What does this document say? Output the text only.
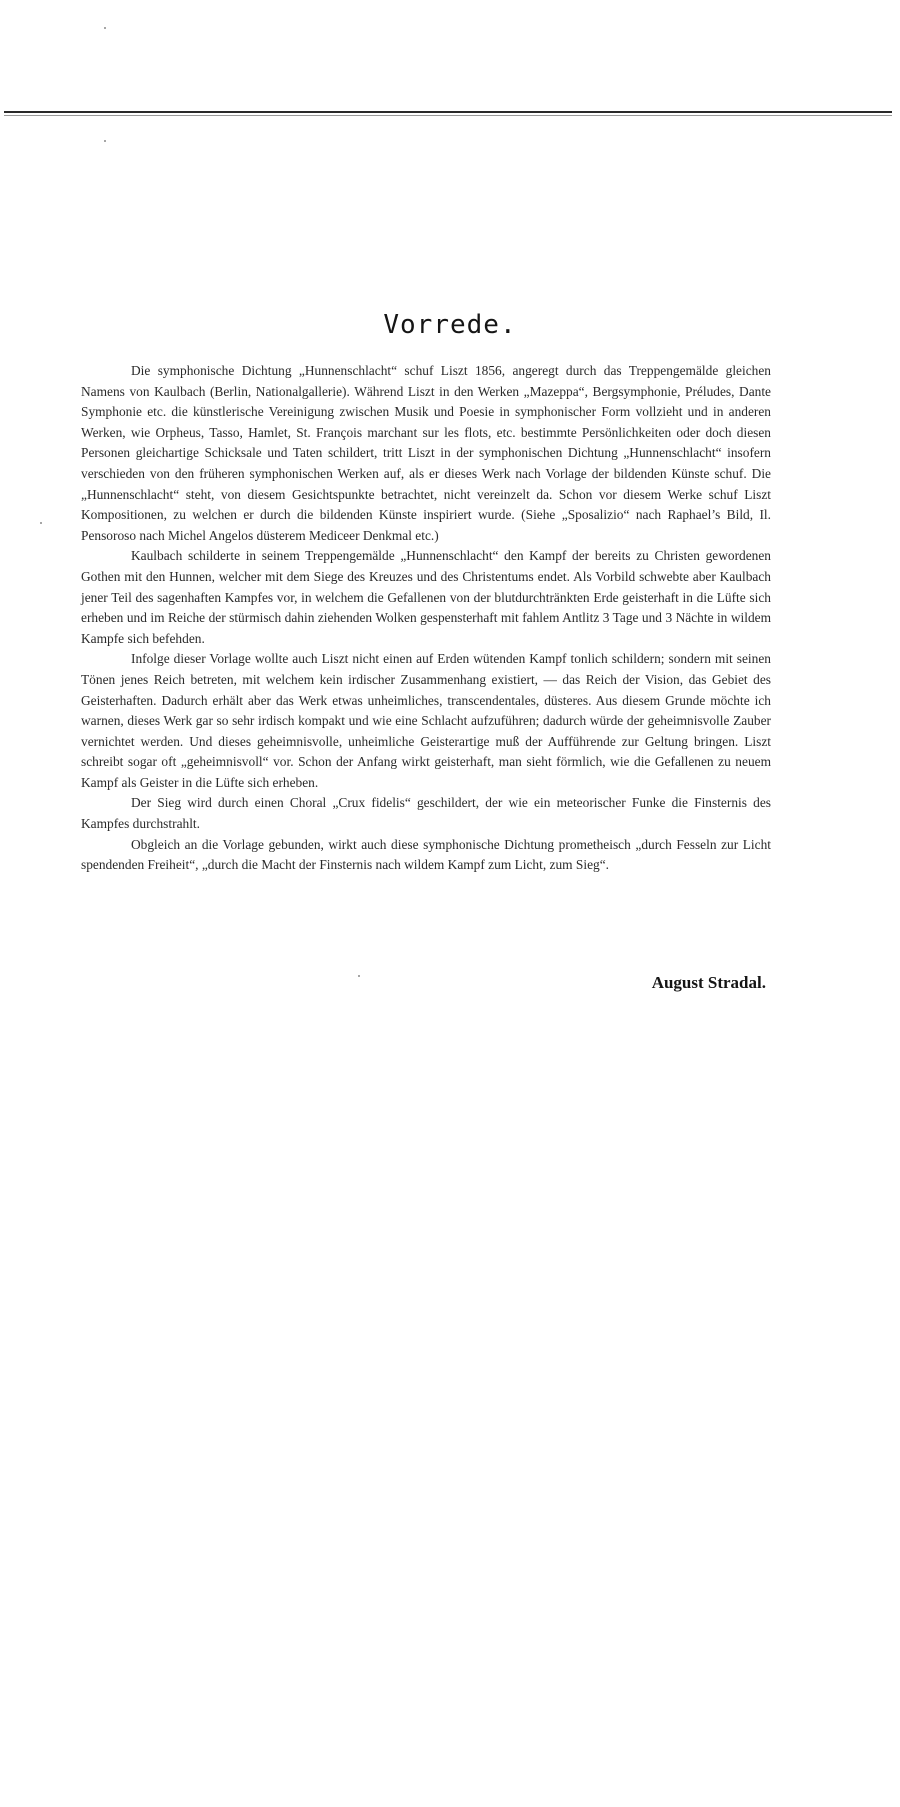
Vorrede.

Die symphonische Dichtung „Hunnenschlacht“ schuf Liszt 1856, angeregt durch das Treppengemälde gleichen Namens von Kaulbach (Berlin, Nationalgallerie). Während Liszt in den Werken „Mazeppa“, Bergsymphonie, Préludes, Dante Symphonie etc. die künstlerische Vereinigung zwischen Musik und Poesie in symphonischer Form vollzieht und in anderen Werken, wie Orpheus, Tasso, Hamlet, St. François marchant sur les flots, etc. bestimmte Persönlichkeiten oder doch diesen Personen gleichartige Schicksale und Taten schildert, tritt Liszt in der symphonischen Dichtung „Hunnenschlacht“ insofern verschieden von den früheren symphonischen Werken auf, als er dieses Werk nach Vorlage der bildenden Künste schuf. Die „Hunnenschlacht“ steht, von diesem Gesichtspunkte betrachtet, nicht vereinzelt da. Schon vor diesem Werke schuf Liszt Kompositionen, zu welchen er durch die bildenden Künste inspiriert wurde. (Siehe „Sposalizio“ nach Raphael’s Bild, Il. Pensoroso nach Michel Angelos düsterem Mediceer Denkmal etc.)

Kaulbach schilderte in seinem Treppengemälde „Hunnenschlacht“ den Kampf der bereits zu Christen gewordenen Gothen mit den Hunnen, welcher mit dem Siege des Kreuzes und des Christentums endet. Als Vorbild schwebte aber Kaulbach jener Teil des sagenhaften Kampfes vor, in welchem die Gefallenen von der blutdurchtränkten Erde geisterhaft in die Lüfte sich erheben und im Reiche der stürmisch dahin ziehenden Wolken gespensterhaft mit fahlem Antlitz 3 Tage und 3 Nächte in wildem Kampfe sich befehden.

Infolge dieser Vorlage wollte auch Liszt nicht einen auf Erden wütenden Kampf tonlich schildern; sondern mit seinen Tönen jenes Reich betreten, mit welchem kein irdischer Zusammenhang existiert, — das Reich der Vision, das Gebiet des Geisterhaften. Dadurch erhält aber das Werk etwas unheimliches, transcendentales, düsteres. Aus diesem Grunde möchte ich warnen, dieses Werk gar so sehr irdisch kompakt und wie eine Schlacht aufzuführen; dadurch würde der geheimnisvolle Zauber vernichtet werden. Und dieses geheimnisvolle, unheimliche Geisterartige muß der Aufführende zur Geltung bringen. Liszt schreibt sogar oft „geheimnisvoll“ vor. Schon der Anfang wirkt geisterhaft, man sieht förmlich, wie die Gefallenen zu neuem Kampf als Geister in die Lüfte sich erheben.

Der Sieg wird durch einen Choral „Crux fidelis“ geschildert, der wie ein meteorischer Funke die Finsternis des Kampfes durchstrahlt.

Obgleich an die Vorlage gebunden, wirkt auch diese symphonische Dichtung prometheisch „durch Fesseln zur Licht spendenden Freiheit“, „durch die Macht der Finsternis nach wildem Kampf zum Licht, zum Sieg“.

August Stradal.
